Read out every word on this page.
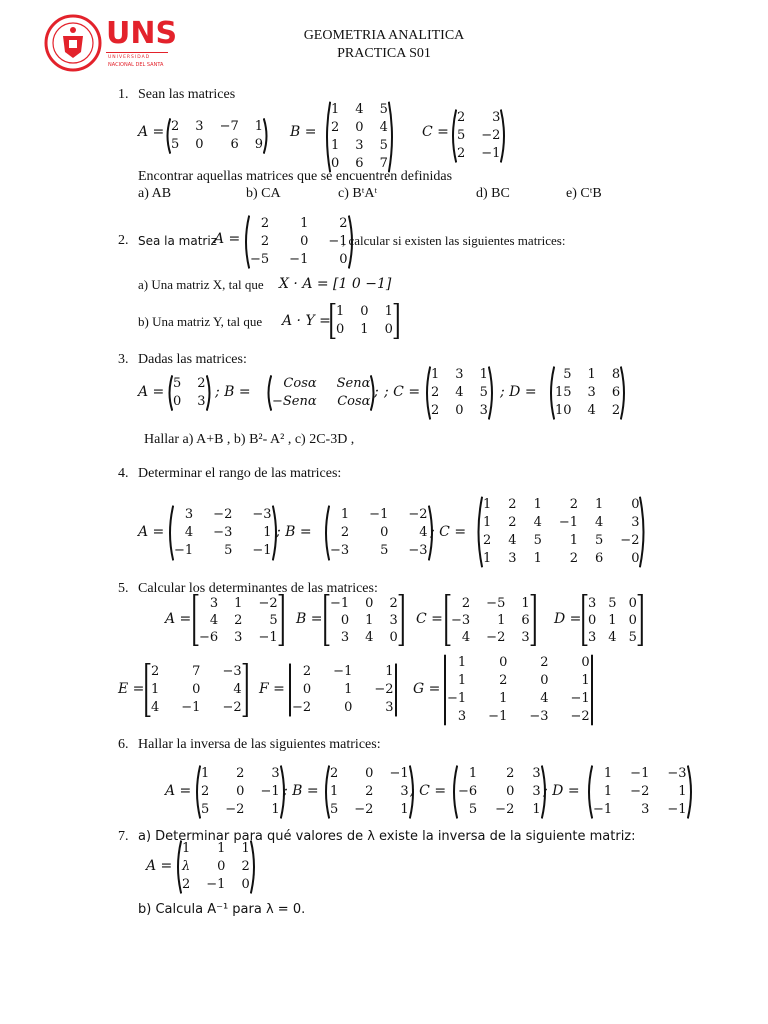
UNS
UNIVERSIDAD
NACIONAL DEL SANTA
GEOMETRIA ANALITICA
PRACTICA S01
1. Sean las matrices
A = 2 3 −7 1
5 0	6 9
B =
1 4 5
2 0 4
1 3 5
0 6 7
C =
2	3
5 −2
2 −1
Encontrar aquellas matrices que se encuentren definidas
a) AB	b) CA	c) BᵗAᵗ	d) BC	e) CᵗB
2. Sea la matriz
A =
2	1	2
2	0 −1
−5 −1	0
, calcular si existen las siguientes matrices:
a) Una matriz X, tal que X · A = [1 0 −1]
b) Una matriz Y, tal que A · Y =
1 0 1
0 1 0
3. Dadas las matrices:
A =
5 2
0 3
; B =
Cosα Senα
−Senα Cosα
; ; C =
1 3 1
2 4 5
2 0 3
; D =
5 1 8
15 3 6
10 4 2
Hallar a) A+B , b) B²- A² , c) 2C-3D ,
4. Determinar el rango de las matrices:
A =
3 −2 −3
4 −3	1
−1	5 −1
; B =
1 −1 −2
2	0	4
−3	5 −3
; C =
1 2 1	2 1	0
1 2 4 −1 4	3
2 4 5	1 5 −2
1 3 1	2 6	0
5. Calcular los determinantes de las matrices:
A =
3 1 −2
4 2	5
−6 3 −1
B =
−1 0 2
0 1 3
3 4 0
C =
2 −5 1
−3	1 6
4 −2 3
D =
3 5 0
0 1 0
3 4 5
E =
2	7 −3
1	0	4
4 −1 −2
F =
2 −1	1
0	1 −2
−2	0	3
G =
1	0	2	0
1	2	0	1
−1	1	4 −1
3 −1 −3 −2
6. Hallar la inversa de las siguientes matrices:
A =
1	2	3
2	0 −1
5 −2	1
; B =
2	0 −1
1	2	3
5 −2	1
; C =
1	2 3
−6	0 3
5 −2 1
; D =
1 −1 −3
1 −2	1
−1	3 −1
7. a) Determinar para qué valores de λ existe la inversa de la siguiente matriz:
A =
1	1 1
λ	0 2
2 −1 0
b) Calcula A⁻¹ para λ = 0.
